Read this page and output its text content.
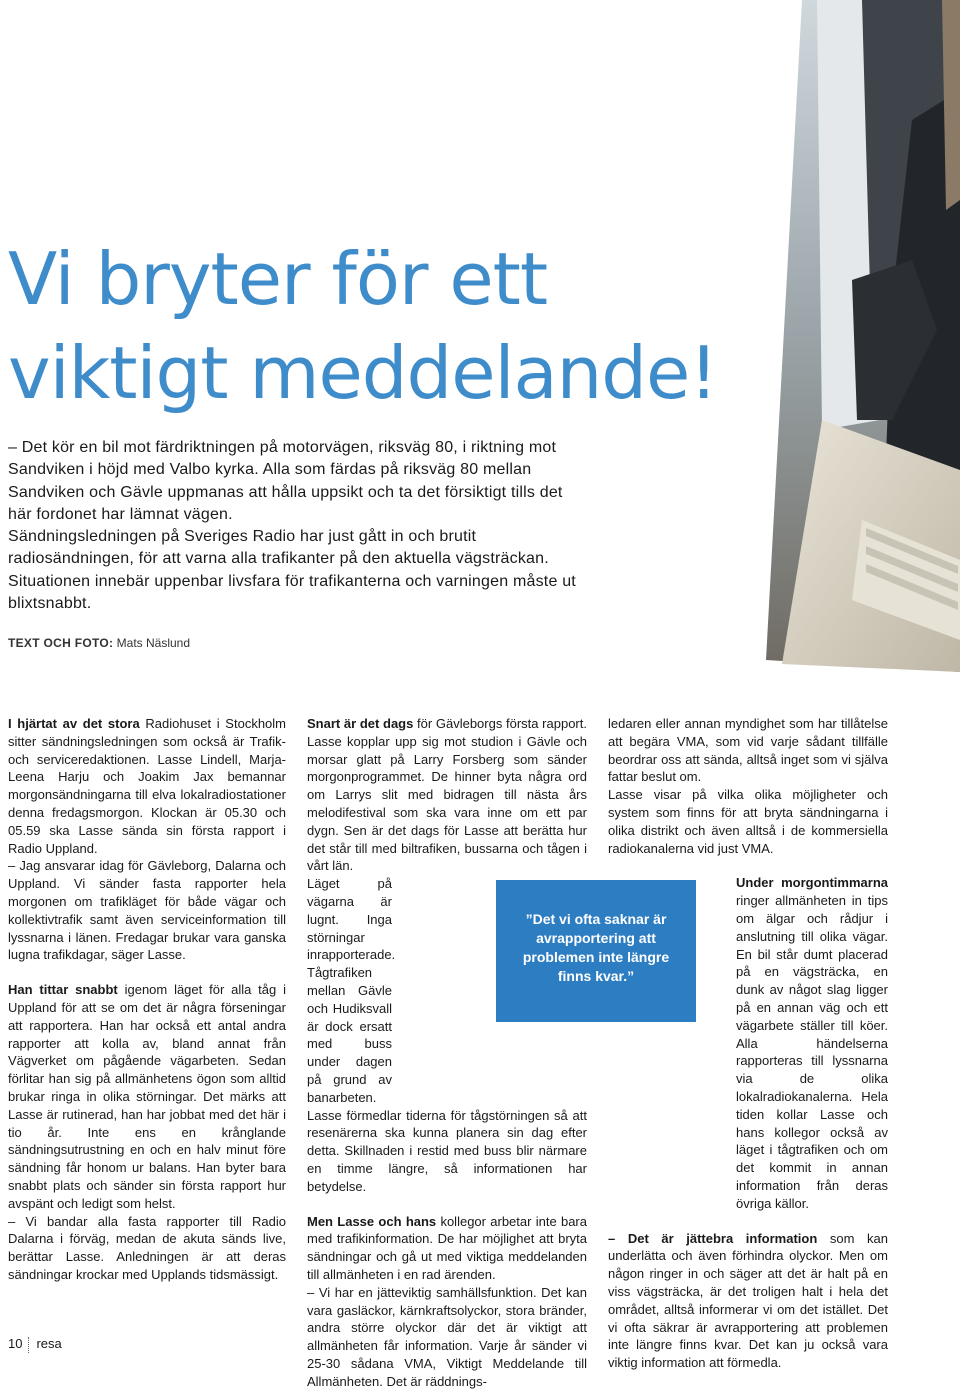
Vi bryter för ett
viktigt meddelande!

– Det kör en bil mot färdriktningen på motorvägen, riksväg 80, i riktning mot Sandviken i höjd med Valbo kyrka. Alla som färdas på riksväg 80 mellan Sandviken och Gävle uppmanas att hålla uppsikt och ta det försiktigt tills det här fordonet har lämnat vägen.

Sändningsledningen på Sveriges Radio har just gått in och brutit radiosändningen, för att varna alla trafikanter på den aktuella vägsträckan. Situationen innebär uppenbar livsfara för trafikanterna och varningen måste ut blixtsnabbt.

TEXT OCH FOTO: Mats Näslund

I hjärtat av det stora Radiohuset i Stockholm sitter sändningsledningen som också är Trafik- och serviceredaktionen. Lasse Lindell, Marja-Leena Harju och Joakim Jax bemannar morgonsändningarna till elva lokalradiostationer denna fredagsmorgon. Klockan är 05.30 och 05.59 ska Lasse sända sin första rapport i Radio Uppland.

– Jag ansvarar idag för Gävleborg, Dalarna och Uppland. Vi sänder fasta rapporter hela morgonen om trafikläget för både vägar och kollektivtrafik samt även serviceinformation till lyssnarna i länen. Fredagar brukar vara ganska lugna trafikdagar, säger Lasse.

Han tittar snabbt igenom läget för alla tåg i Uppland för att se om det är några förseningar att rapportera. Han har också ett antal andra rapporter att kolla av, bland annat från Vägverket om pågående vägarbeten. Sedan förlitar han sig på allmänhetens ögon som alltid brukar ringa in olika störningar. Det märks att Lasse är rutinerad, han har jobbat med det här i tio år. Inte ens en krånglande sändningsutrustning en och en halv minut före sändning får honom ur balans. Han byter bara snabbt plats och sänder sin första rapport hur avspänt och ledigt som helst.

– Vi bandar alla fasta rapporter till Radio Dalarna i förväg, medan de akuta sänds live, berättar Lasse. Anledningen är att deras sändningar krockar med Upplands tidsmässigt.

Snart är det dags för Gävleborgs första rapport. Lasse kopplar upp sig mot studion i Gävle och morsar glatt på Larry Forsberg som sänder morgonprogrammet. De hinner byta några ord om Larrys slit med bidragen till nästa års melodifestival som ska vara inne om ett par dygn. Sen är det dags för Lasse att berätta hur det står till med biltrafiken, bussarna och tågen i vårt län.

Läget på vägarna är lugnt. Inga störningar inrapporterade. Tågtrafiken mellan Gävle och Hudiksvall är dock ersatt med buss under dagen på grund av banarbeten.

Lasse förmedlar tiderna för tågstörningen så att resenärerna ska kunna planera sin dag efter detta. Skillnaden i restid med buss blir närmare en timme längre, så informationen har betydelse.

Men Lasse och hans kollegor arbetar inte bara med trafikinformation. De har möjlighet att bryta sändningar och gå ut med viktiga meddelanden till allmänheten i en rad ärenden.

– Vi har en jätteviktig samhällsfunktion. Det kan vara gasläckor, kärnkraftsolyckor, stora bränder, andra större olyckor där det är viktigt att allmänheten får information. Varje år sänder vi 25-30 sådana VMA, Viktigt Meddelande till Allmänheten. Det är räddnings-

ledaren eller annan myndighet som har tillåtelse att begära VMA, som vid varje sådant tillfälle beordrar oss att sända, alltså inget som vi själva fattar beslut om.

Lasse visar på vilka olika möjligheter och system som finns för att bryta sändningarna i olika distrikt och även alltså i de kommersiella radiokanalerna vid just VMA.

Under morgontimmarna ringer allmänheten in tips om älgar och rådjur i anslutning till olika vägar. En bil står dumt placerad på en vägsträcka, en dunk av något slag ligger på en annan väg och ett vägarbete ställer till köer. Alla händelserna rapporteras till lyssnarna via de olika lokalradiokanalerna. Hela tiden kollar Lasse och hans kollegor också av läget i tågtrafiken och om det kommit in annan information från deras övriga källor.

– Det är jättebra information som kan underlätta och även förhindra olyckor. Men om någon ringer in och säger att det är halt på en viss vägsträcka, är det troligen halt i hela det området, alltså informerar vi om det istället. Det vi ofta säkrar är avrapportering att problemen inte längre finns kvar. Det kan ju också vara viktig information att förmedla.

”Det vi ofta saknar är avrapportering att problemen inte längre finns kvar.”
10 resa
